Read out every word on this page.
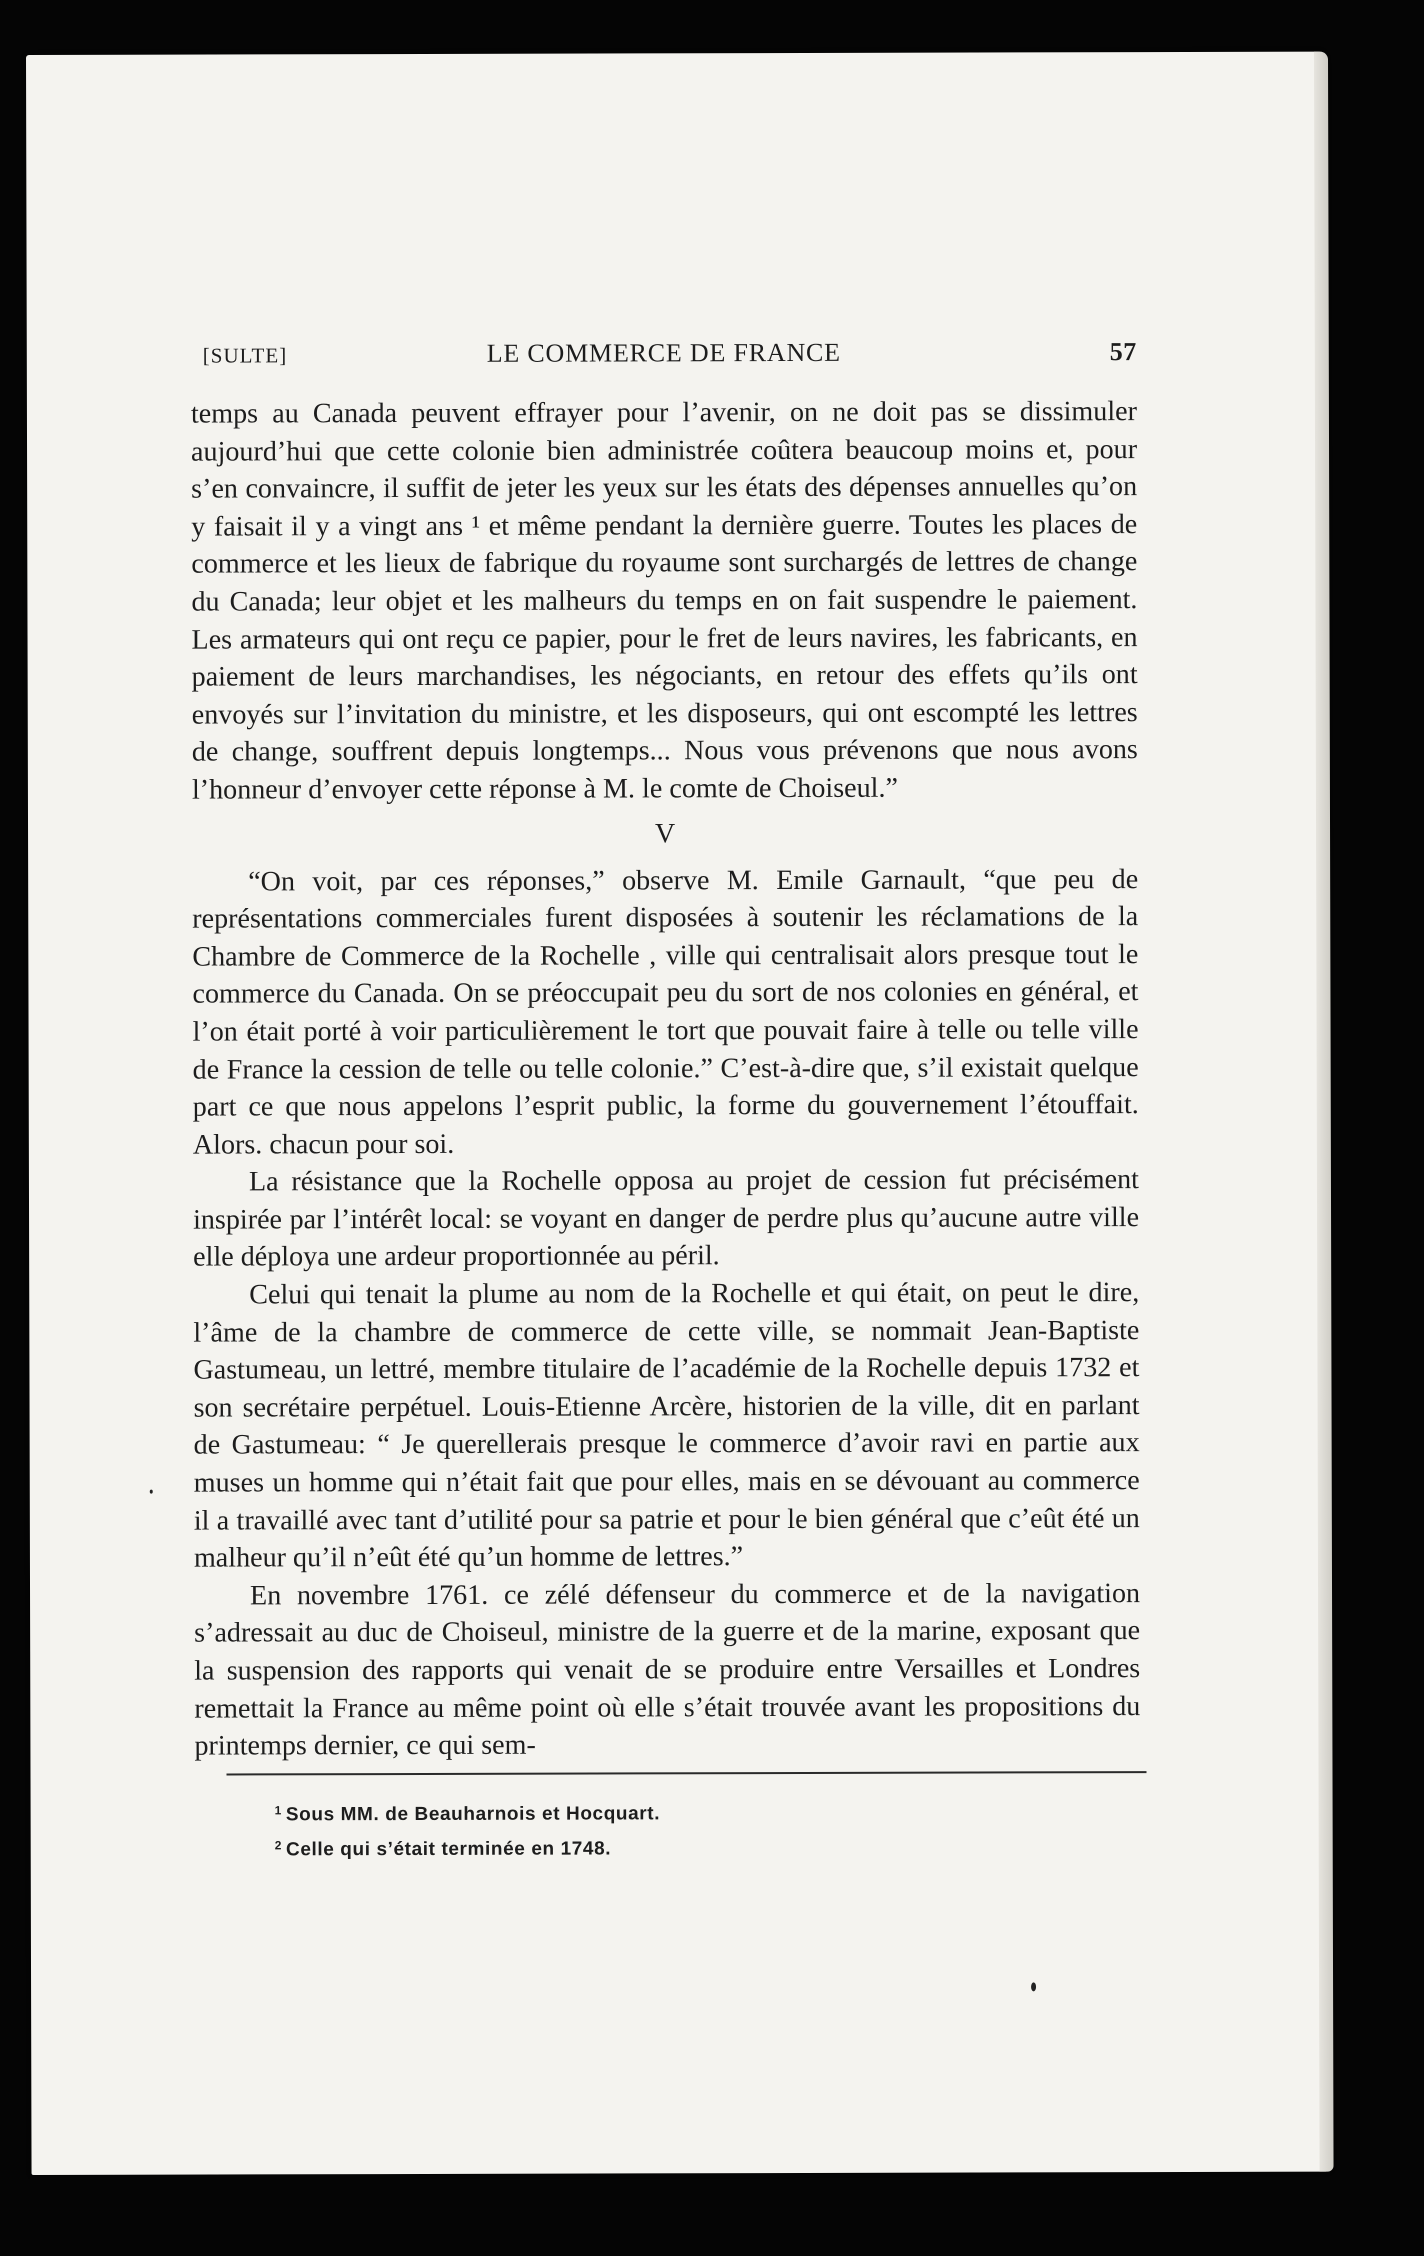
[SULTE]	LE COMMERCE DE FRANCE	57

temps au Canada peuvent effrayer pour l’avenir, on ne doit pas se dissimuler aujourd’hui que cette colonie bien administrée coûtera beaucoup moins et, pour s’en convaincre, il suffit de jeter les yeux sur les états des dépenses annuelles qu’on y faisait il y a vingt ans ¹ et même pendant la dernière guerre. Toutes les places de commerce et les lieux de fabrique du royaume sont surchargés de lettres de change du Canada; leur objet et les malheurs du temps en on fait suspendre le paiement. Les armateurs qui ont reçu ce papier, pour le fret de leurs navires, les fabricants, en paiement de leurs marchandises, les négociants, en retour des effets qu’ils ont envoyés sur l’invitation du ministre, et les disposeurs, qui ont escompté les lettres de change, souffrent depuis longtemps... Nous vous prévenons que nous avons l’honneur d’envoyer cette réponse à M. le comte de Choiseul.”

V

“On voit, par ces réponses,” observe M. Emile Garnault, “que peu de représentations commerciales furent disposées à soutenir les réclamations de la Chambre de Commerce de la Rochelle , ville qui centralisait alors presque tout le commerce du Canada. On se préoccupait peu du sort de nos colonies en général, et l’on était porté à voir particulièrement le tort que pouvait faire à telle ou telle ville de France la cession de telle ou telle colonie.” C’est-à-dire que, s’il existait quelque part ce que nous appelons l’esprit public, la forme du gouvernement l’étouffait. Alors. chacun pour soi.

La résistance que la Rochelle opposa au projet de cession fut précisément inspirée par l’intérêt local: se voyant en danger de perdre plus qu’aucune autre ville elle déploya une ardeur proportionnée au péril.

Celui qui tenait la plume au nom de la Rochelle et qui était, on peut le dire, l’âme de la chambre de commerce de cette ville, se nommait Jean-Baptiste Gastumeau, un lettré, membre titulaire de l’académie de la Rochelle depuis 1732 et son secrétaire perpétuel. Louis-Etienne Arcère, historien de la ville, dit en parlant de Gastumeau: “ Je querellerais presque le commerce d’avoir ravi en partie aux muses un homme qui n’était fait que pour elles, mais en se dévouant au commerce il a travaillé avec tant d’utilité pour sa patrie et pour le bien général que c’eût été un malheur qu’il n’eût été qu’un homme de lettres.”

En novembre 1761. ce zélé défenseur du commerce et de la navigation s’adressait au duc de Choiseul, ministre de la guerre et de la marine, exposant que la suspension des rapports qui venait de se produire entre Versailles et Londres remettait la France au même point où elle s’était trouvée avant les propositions du printemps dernier, ce qui sem-

$^1$ Sous MM. de Beauharnois et Hocquart.
$^2$ Celle qui s’était terminée en 1748.
